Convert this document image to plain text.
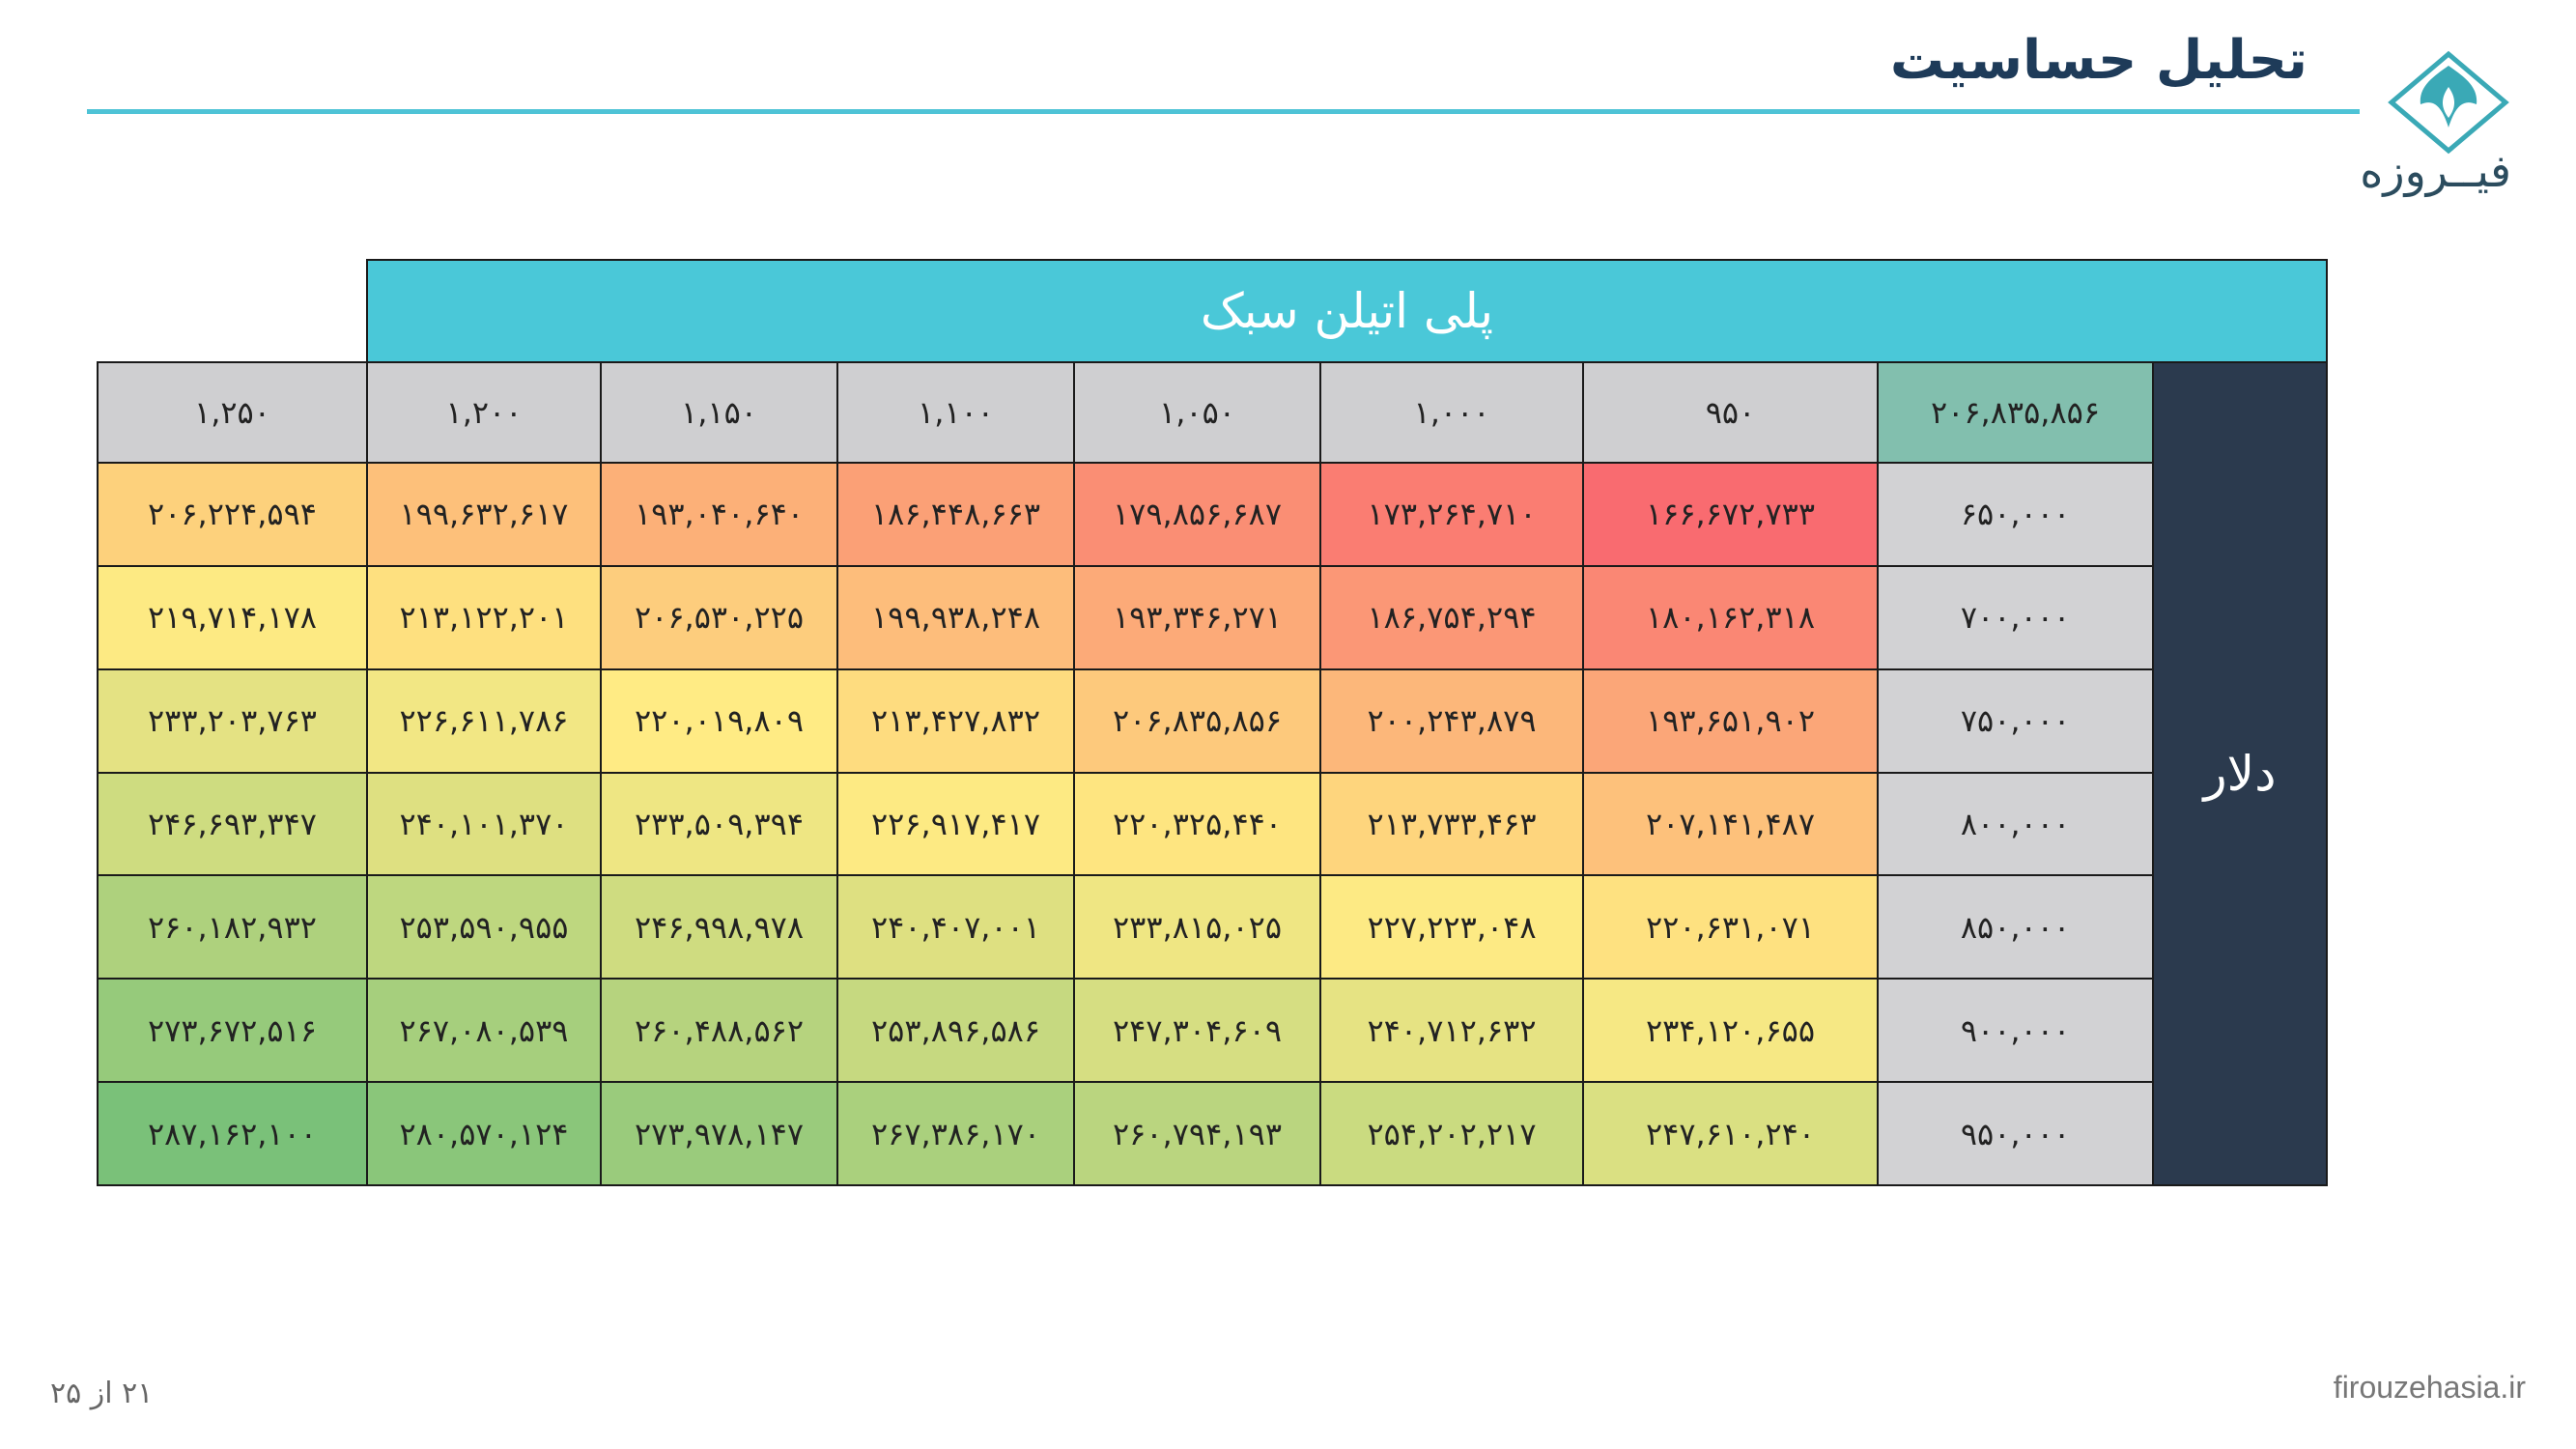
تحلیل حساسیت
فیــروزه
پلی اتیلن سبک								
دلار	۲۰۶,۸۳۵,۸۵۶	۹۵۰	۱,۰۰۰	۱,۰۵۰	۱,۱۰۰	۱,۱۵۰	۱,۲۰۰	۱,۲۵۰
	۶۵۰,۰۰۰	۱۶۶,۶۷۲,۷۳۳	۱۷۳,۲۶۴,۷۱۰	۱۷۹,۸۵۶,۶۸۷	۱۸۶,۴۴۸,۶۶۳	۱۹۳,۰۴۰,۶۴۰	۱۹۹,۶۳۲,۶۱۷	۲۰۶,۲۲۴,۵۹۴
	۷۰۰,۰۰۰	۱۸۰,۱۶۲,۳۱۸	۱۸۶,۷۵۴,۲۹۴	۱۹۳,۳۴۶,۲۷۱	۱۹۹,۹۳۸,۲۴۸	۲۰۶,۵۳۰,۲۲۵	۲۱۳,۱۲۲,۲۰۱	۲۱۹,۷۱۴,۱۷۸
	۷۵۰,۰۰۰	۱۹۳,۶۵۱,۹۰۲	۲۰۰,۲۴۳,۸۷۹	۲۰۶,۸۳۵,۸۵۶	۲۱۳,۴۲۷,۸۳۲	۲۲۰,۰۱۹,۸۰۹	۲۲۶,۶۱۱,۷۸۶	۲۳۳,۲۰۳,۷۶۳
	۸۰۰,۰۰۰	۲۰۷,۱۴۱,۴۸۷	۲۱۳,۷۳۳,۴۶۳	۲۲۰,۳۲۵,۴۴۰	۲۲۶,۹۱۷,۴۱۷	۲۳۳,۵۰۹,۳۹۴	۲۴۰,۱۰۱,۳۷۰	۲۴۶,۶۹۳,۳۴۷
	۸۵۰,۰۰۰	۲۲۰,۶۳۱,۰۷۱	۲۲۷,۲۲۳,۰۴۸	۲۳۳,۸۱۵,۰۲۵	۲۴۰,۴۰۷,۰۰۱	۲۴۶,۹۹۸,۹۷۸	۲۵۳,۵۹۰,۹۵۵	۲۶۰,۱۸۲,۹۳۲
	۹۰۰,۰۰۰	۲۳۴,۱۲۰,۶۵۵	۲۴۰,۷۱۲,۶۳۲	۲۴۷,۳۰۴,۶۰۹	۲۵۳,۸۹۶,۵۸۶	۲۶۰,۴۸۸,۵۶۲	۲۶۷,۰۸۰,۵۳۹	۲۷۳,۶۷۲,۵۱۶
	۹۵۰,۰۰۰	۲۴۷,۶۱۰,۲۴۰	۲۵۴,۲۰۲,۲۱۷	۲۶۰,۷۹۴,۱۹۳	۲۶۷,۳۸۶,۱۷۰	۲۷۳,۹۷۸,۱۴۷	۲۸۰,۵۷۰,۱۲۴	۲۸۷,۱۶۲,۱۰۰
۲۱ از ۲۵	firouzehasia.ir
